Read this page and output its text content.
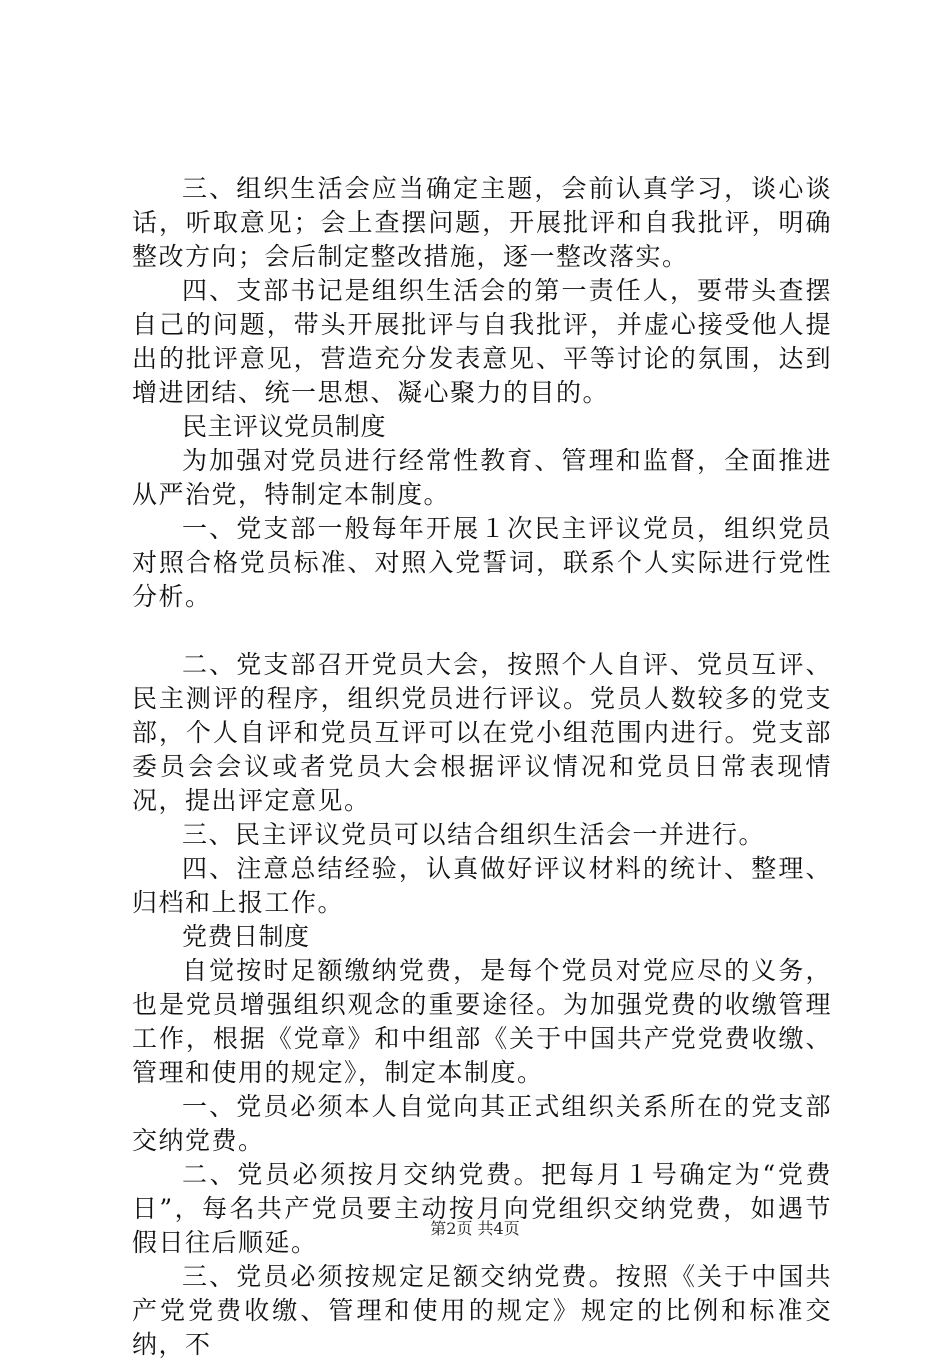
三、组织生活会应当确定主题，会前认真学习，谈心谈话，听取意见；会上查摆问题，开展批评和自我批评，明确整改方向；会后制定整改措施，逐一整改落实。

四、支部书记是组织生活会的第一责任人，要带头查摆自己的问题，带头开展批评与自我批评，并虚心接受他人提出的批评意见，营造充分发表意见、平等讨论的氛围，达到增进团结、统一思想、凝心聚力的目的。

民主评议党员制度

为加强对党员进行经常性教育、管理和监督，全面推进从严治党，特制定本制度。

一、党支部一般每年开展１次民主评议党员，组织党员对照合格党员标准、对照入党誓词，联系个人实际进行党性分析。

二、党支部召开党员大会，按照个人自评、党员互评、民主测评的程序，组织党员进行评议。党员人数较多的党支部，个人自评和党员互评可以在党小组范围内进行。党支部委员会会议或者党员大会根据评议情况和党员日常表现情况，提出评定意见。

三、民主评议党员可以结合组织生活会一并进行。

四、注意总结经验，认真做好评议材料的统计、整理、归档和上报工作。

党费日制度

自觉按时足额缴纳党费，是每个党员对党应尽的义务，也是党员增强组织观念的重要途径。为加强党费的收缴管理工作，根据《党章》和中组部《关于中国共产党党费收缴、管理和使用的规定》，制定本制度。

一、党员必须本人自觉向其正式组织关系所在的党支部交纳党费。

二、党员必须按月交纳党费。把每月１号确定为“党费日”，每名共产党员要主动按月向党组织交纳党费，如遇节假日往后顺延。

三、党员必须按规定足额交纳党费。按照《关于中国共产党党费收缴、管理和使用的规定》规定的比例和标准交纳，不

第2页 共4页
